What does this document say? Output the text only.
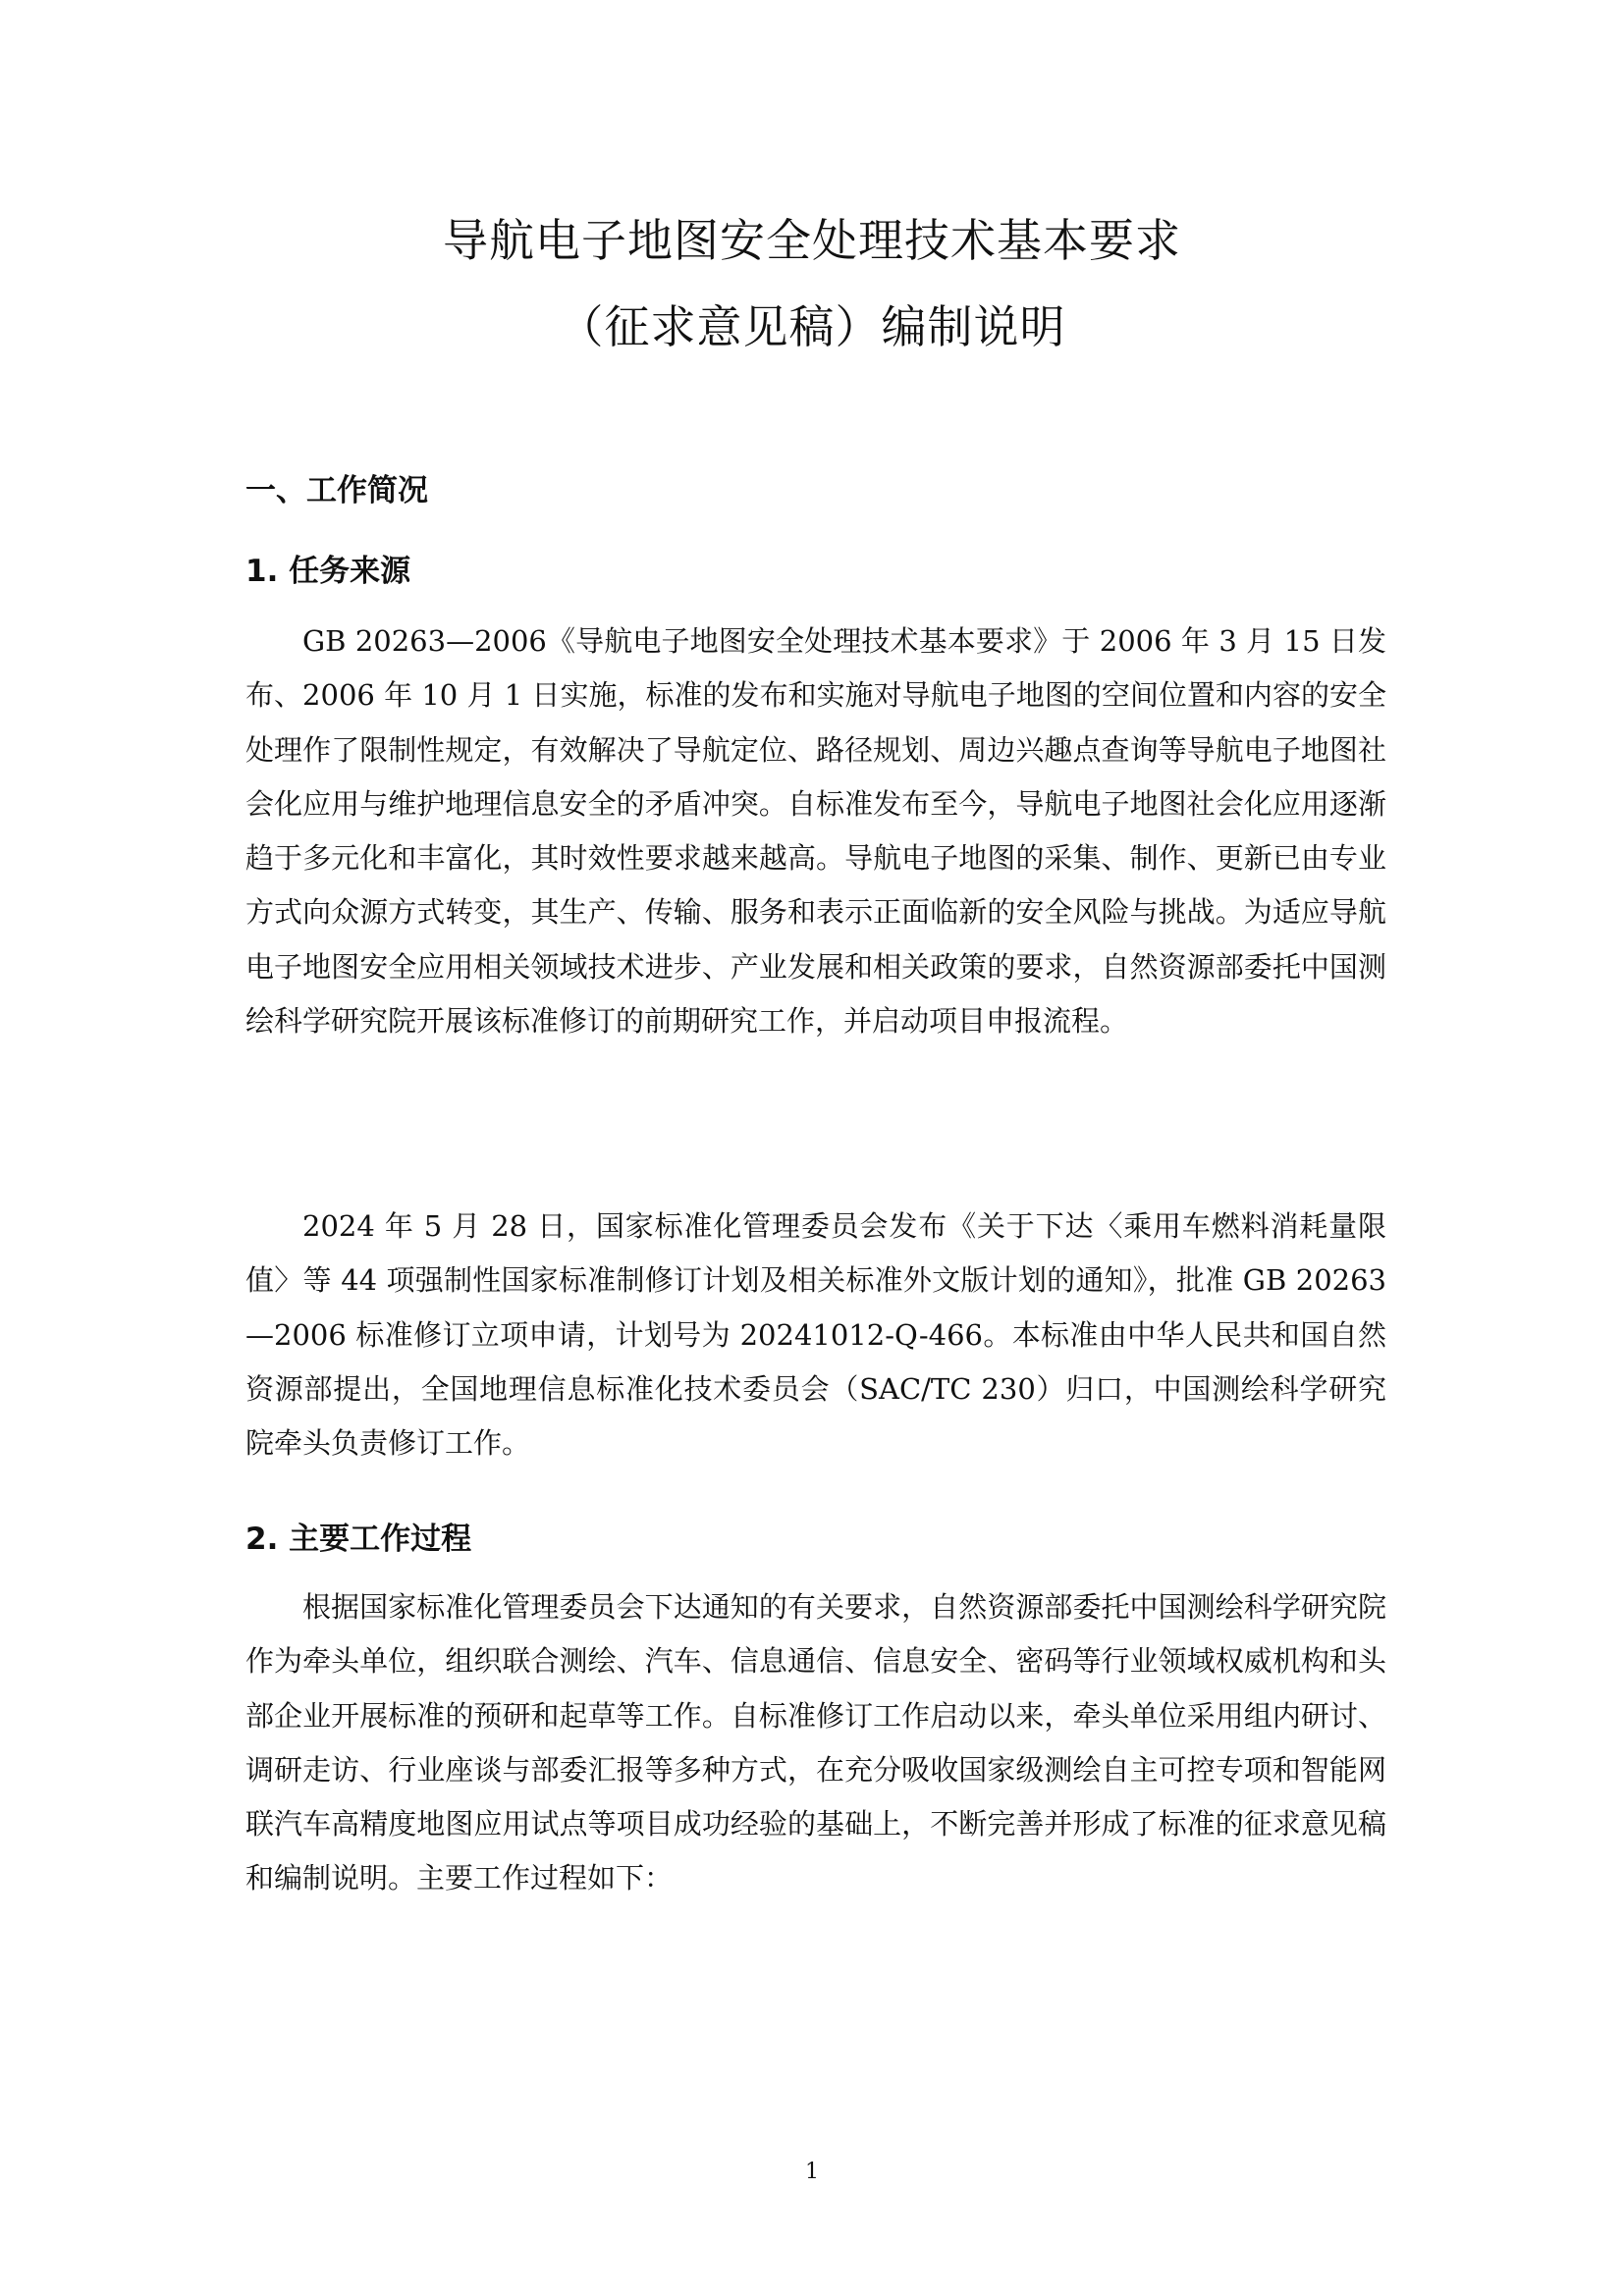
导航电子地图安全处理技术基本要求
（征求意见稿）编制说明
一、工作简况
1. 任务来源

GB 20263—2006《导航电子地图安全处理技术基本要求》于 2006 年 3 月 15 日发布、2006 年 10 月 1 日实施，标准的发布和实施对导航电子地图的空间位置和内容的安全处理作了限制性规定，有效解决了导航定位、路径规划、周边兴趣点查询等导航电子地图社会化应用与维护地理信息安全的矛盾冲突。自标准发布至今，导航电子地图社会化应用逐渐趋于多元化和丰富化，其时效性要求越来越高。导航电子地图的采集、制作、更新已由专业方式向众源方式转变，其生产、传输、服务和表示正面临新的安全风险与挑战。为适应导航电子地图安全应用相关领域技术进步、产业发展和相关政策的要求，自然资源部委托中国测绘科学研究院开展该标准修订的前期研究工作，并启动项目申报流程。

2024 年 5 月 28 日，国家标准化管理委员会发布《关于下达〈乘用车燃料消耗量限值〉等 44 项强制性国家标准制修订计划及相关标准外文版计划的通知》，批准 GB 20263—2006 标准修订立项申请，计划号为 20241012-Q-466。本标准由中华人民共和国自然资源部提出，全国地理信息标准化技术委员会（SAC/TC 230）归口，中国测绘科学研究院牵头负责修订工作。

2. 主要工作过程

根据国家标准化管理委员会下达通知的有关要求，自然资源部委托中国测绘科学研究院作为牵头单位，组织联合测绘、汽车、信息通信、信息安全、密码等行业领域权威机构和头部企业开展标准的预研和起草等工作。自标准修订工作启动以来，牵头单位采用组内研讨、调研走访、行业座谈与部委汇报等多种方式，在充分吸收国家级测绘自主可控专项和智能网联汽车高精度地图应用试点等项目成功经验的基础上，不断完善并形成了标准的征求意见稿和编制说明。主要工作过程如下：

1
